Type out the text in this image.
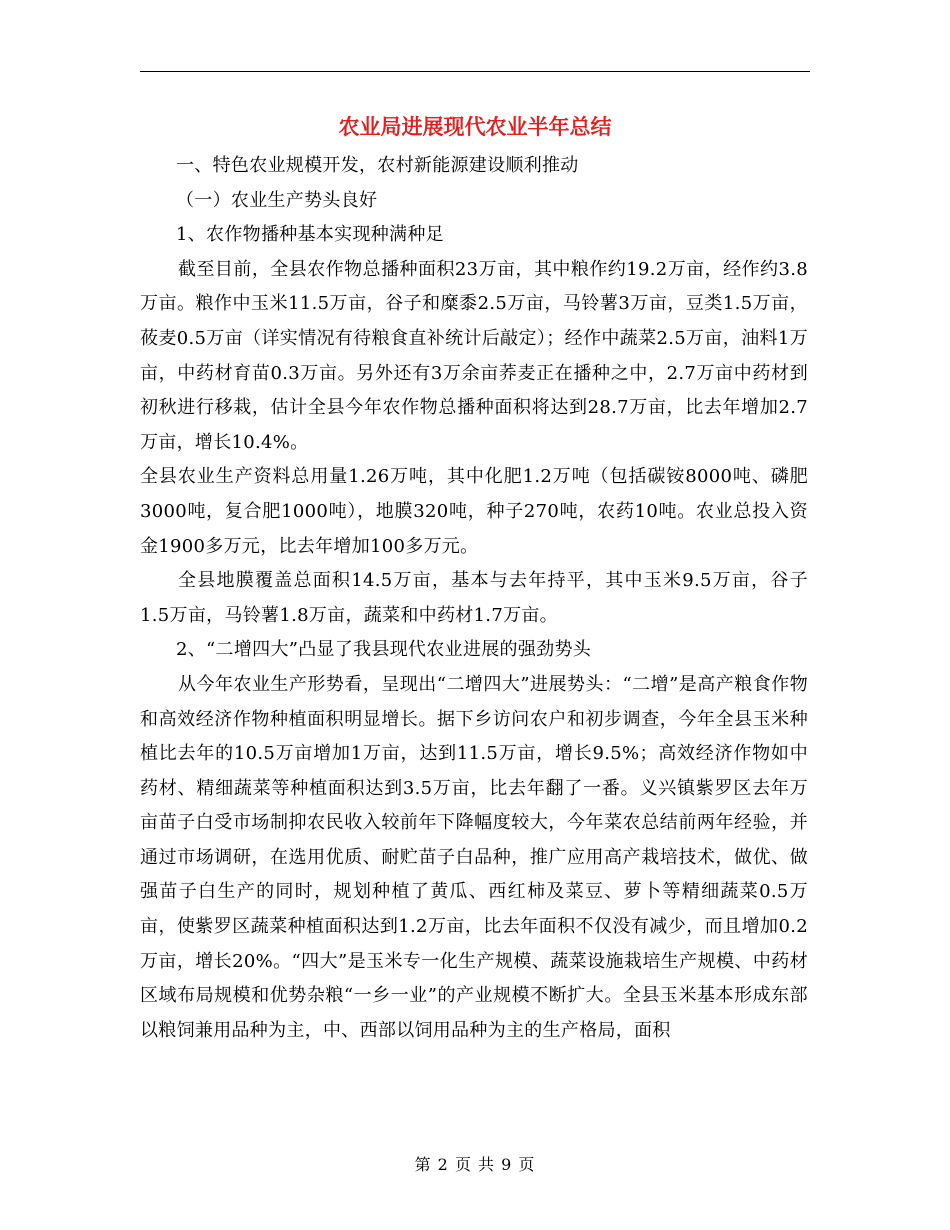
农业局进展现代农业半年总结

一、特色农业规模开发，农村新能源建设顺利推动

（一）农业生产势头良好

1、农作物播种基本实现种满种足

截至目前，全县农作物总播种面积23万亩，其中粮作约19.2万亩，经作约3.8万亩。粮作中玉米11.5万亩，谷子和糜黍2.5万亩，马铃薯3万亩，豆类1.5万亩，莜麦0.5万亩（详实情况有待粮食直补统计后敲定）；经作中蔬菜2.5万亩，油料1万亩，中药材育苗0.3万亩。另外还有3万余亩荞麦正在播种之中，2.7万亩中药材到初秋进行移栽，估计全县今年农作物总播种面积将达到28.7万亩，比去年增加2.7万亩，增长10.4%。

全县农业生产资料总用量1.26万吨，其中化肥1.2万吨（包括碳铵8000吨、磷肥3000吨，复合肥1000吨），地膜320吨，种子270吨，农药10吨。农业总投入资金1900多万元，比去年增加100多万元。

全县地膜覆盖总面积14.5万亩，基本与去年持平，其中玉米9.5万亩，谷子1.5万亩，马铃薯1.8万亩，蔬菜和中药材1.7万亩。

2、“二增四大”凸显了我县现代农业进展的强劲势头

从今年农业生产形势看，呈现出“二增四大”进展势头：“二增”是高产粮食作物和高效经济作物种植面积明显增长。据下乡访问农户和初步调查，今年全县玉米种植比去年的10.5万亩增加1万亩，达到11.5万亩，增长9.5%；高效经济作物如中药材、精细蔬菜等种植面积达到3.5万亩，比去年翻了一番。义兴镇紫罗区去年万亩苗子白受市场制抑农民收入较前年下降幅度较大，今年菜农总结前两年经验，并通过市场调研，在选用优质、耐贮苗子白品种，推广应用高产栽培技术，做优、做强苗子白生产的同时，规划种植了黄瓜、西红柿及菜豆、萝卜等精细蔬菜0.5万亩，使紫罗区蔬菜种植面积达到1.2万亩，比去年面积不仅没有减少，而且增加0.2万亩，增长20%。“四大”是玉米专一化生产规模、蔬菜设施栽培生产规模、中药材区域布局规模和优势杂粮“一乡一业”的产业规模不断扩大。全县玉米基本形成东部以粮饲兼用品种为主，中、西部以饲用品种为主的生产格局，面积

第 2 页 共 9 页
